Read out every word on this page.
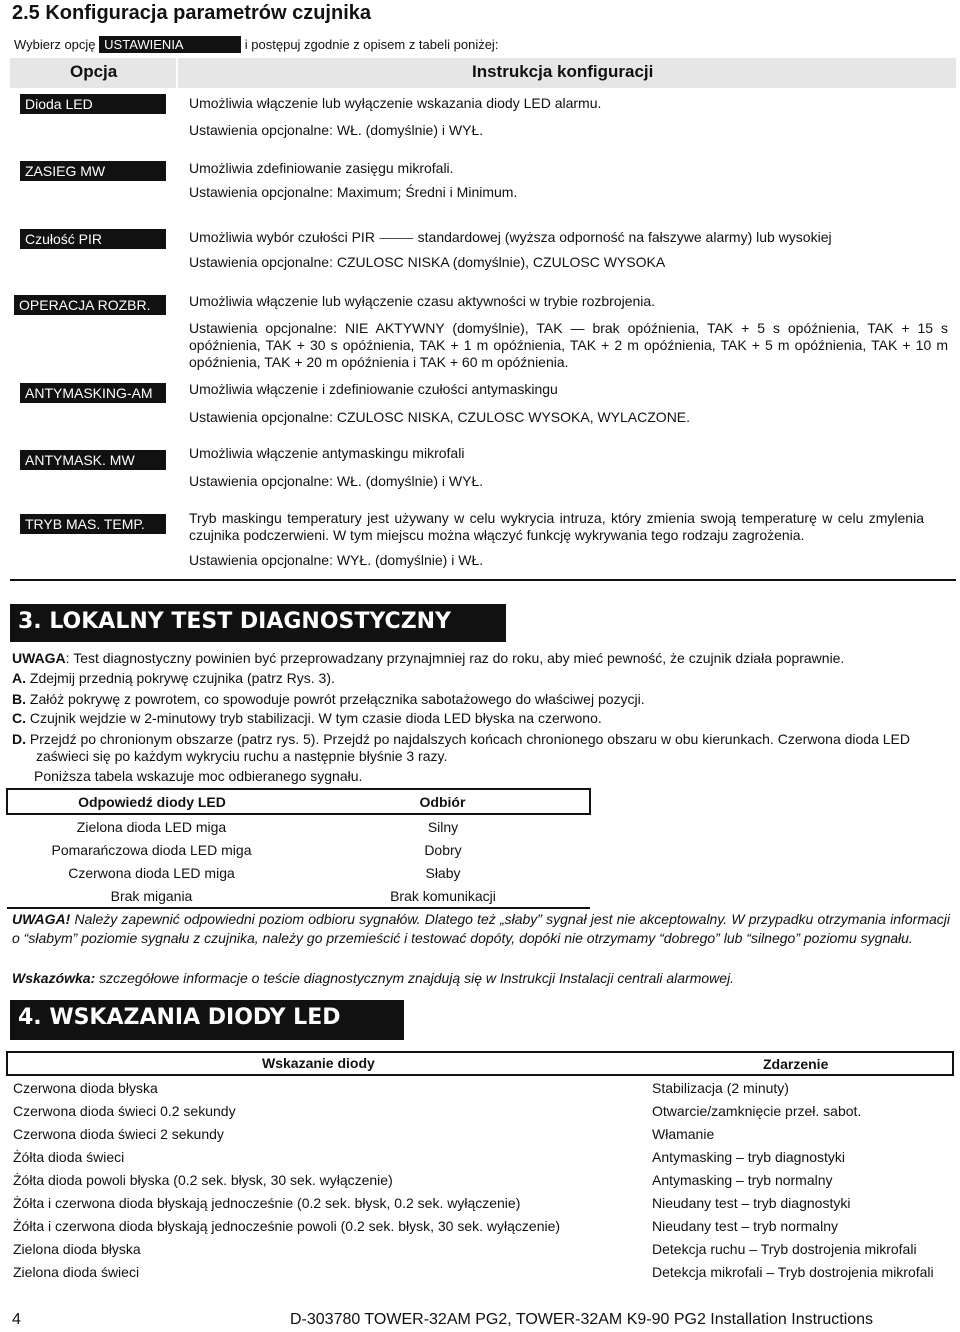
2.5 Konfiguracja parametrów czujnika
Wybierz opcję USTAWIENIA	i postępuj zgodnie z opisem z tabeli poniżej:
Opcja	Instrukcja konfiguracji
Dioda LED	Umożliwia włączenie lub wyłączenie wskazania diody LED alarmu.
Ustawienia opcjonalne: WŁ. (domyślnie) i WYŁ.
ZASIEG MW	Umożliwia zdefiniowanie zasięgu mikrofali.
Ustawienia opcjonalne: Maximum; Średni i Minimum.
Czułość PIR	Umożliwia wybór czułości PIR ⸻ standardowej (wyższa odporność na fałszywe alarmy) lub wysokiej
Ustawienia opcjonalne: CZULOSC NISKA (domyślnie), CZULOSC WYSOKA
OPERACJA ROZBR.	Umożliwia włączenie lub wyłączenie czasu aktywności w trybie rozbrojenia.
Ustawienia opcjonalne: NIE AKTYWNY (domyślnie), TAK — brak opóźnienia, TAK + 5 s opóźnienia, TAK + 15 s opóźnienia, TAK + 30 s opóźnienia, TAK + 1 m opóźnienia, TAK + 2 m opóźnienia, TAK + 5 m opóźnienia, TAK + 10 m opóźnienia, TAK + 20 m opóźnienia i TAK + 60 m opóźnienia.
ANTYMASKING-AM	Umożliwia włączenie i zdefiniowanie czułości antymaskingu
Ustawienia opcjonalne: CZULOSC NISKA, CZULOSC WYSOKA, WYLACZONE.
ANTYMASK. MW	Umożliwia włączenie antymaskingu mikrofali
Ustawienia opcjonalne: WŁ. (domyślnie) i WYŁ.
TRYB MAS. TEMP.	Tryb maskingu temperatury jest używany w celu wykrycia intruza, który zmienia swoją temperaturę w celu zmylenia czujnika podczerwieni. W tym miejscu można włączyć funkcję wykrywania tego rodzaju zagrożenia.
Ustawienia opcjonalne: WYŁ. (domyślnie) i WŁ.
3. LOKALNY TEST DIAGNOSTYCZNY
UWAGA: Test diagnostyczny powinien być przeprowadzany przynajmniej raz do roku, aby mieć pewność, że czujnik działa poprawnie.
A. Zdejmij przednią pokrywę czujnika (patrz Rys. 3).
B. Załóż pokrywę z powrotem, co spowoduje powrót przełącznika sabotażowego do właściwej pozycji.
C. Czujnik wejdzie w 2-minutowy tryb stabilizacji. W tym czasie dioda LED błyska na czerwono.
D. Przejdź po chronionym obszarze (patrz rys. 5). Przejdź po najdalszych końcach chronionego obszaru w obu kierunkach. Czerwona dioda LED zaświeci się po każdym wykryciu ruchu a następnie błyśnie 3 razy.
Poniższa tabela wskazuje moc odbieranego sygnału.
Odpowiedź diody LED	Odbiór
Zielona dioda LED miga	Silny
Pomarańczowa dioda LED miga	Dobry
Czerwona dioda LED miga	Słaby
Brak migania	Brak komunikacji
UWAGA! Należy zapewnić odpowiedni poziom odbioru sygnałów. Dlatego też „słaby” sygnał jest nie akceptowalny. W przypadku otrzymania informacji o “słabym” poziomie sygnału z czujnika, należy go przemieścić i testować dopóty, dopóki nie otrzymamy “dobrego” lub “silnego” poziomu sygnału.
Wskazówka: szczegółowe informacje o teście diagnostycznym znajdują się w Instrukcji Instalacji centrali alarmowej.
4. WSKAZANIA DIODY LED
Wskazanie diody	Zdarzenie
Czerwona dioda błyska	Stabilizacja (2 minuty)
Czerwona dioda świeci 0.2 sekundy	Otwarcie/zamknięcie przeł. sabot.
Czerwona dioda świeci 2 sekundy	Włamanie
Żółta dioda świeci	Antymasking – tryb diagnostyki
Żółta dioda powoli błyska (0.2 sek. błysk, 30 sek. wyłączenie)	Antymasking – tryb normalny
Żółta i czerwona dioda błyskają jednocześnie (0.2 sek. błysk, 0.2 sek. wyłączenie)	Nieudany test – tryb diagnostyki
Żółta i czerwona dioda błyskają jednocześnie powoli (0.2 sek. błysk, 30 sek. wyłączenie)	Nieudany test – tryb normalny
Zielona dioda błyska	Detekcja ruchu – Tryb dostrojenia mikrofali
Zielona dioda świeci	Detekcja mikrofali – Tryb dostrojenia mikrofali
4	D-303780 TOWER-32AM PG2, TOWER-32AM K9-90 PG2 Installation Instructions
